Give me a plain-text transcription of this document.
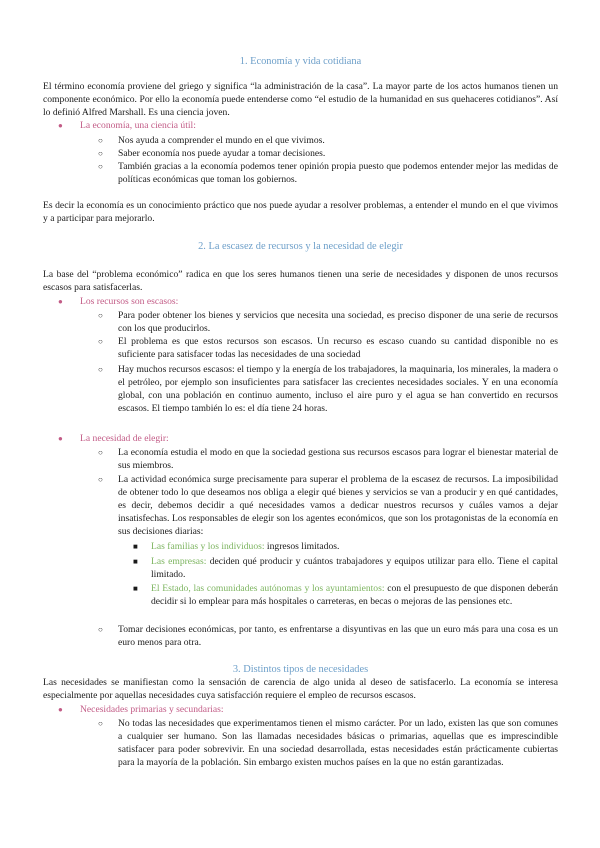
1. Economía y vida cotidiana
El término economía proviene del griego y significa “la administración de la casa”. La mayor parte de los actos humanos tienen un componente económico. Por ello la economía puede entenderse como “el estudio de la humanidad en sus quehaceres cotidianos”. Así lo definió Alfred Marshall. Es una ciencia joven.
● La economía, una ciencia útil:
○ Nos ayuda a comprender el mundo en el que vivimos.
○ Saber economía nos puede ayudar a tomar decisiones.
○ También gracias a la economía podemos tener opinión propia puesto que podemos entender mejor las medidas de políticas económicas que toman los gobiernos.
Es decir la economía es un conocimiento práctico que nos puede ayudar a resolver problemas, a entender el mundo en el que vivimos y a participar para mejorarlo.
2. La escasez de recursos y la necesidad de elegir
La base del “problema económico” radica en que los seres humanos tienen una serie de necesidades y disponen de unos recursos escasos para satisfacerlas.
● Los recursos son escasos:
○ Para poder obtener los bienes y servicios que necesita una sociedad, es preciso disponer de una serie de recursos con los que producirlos.
○ El problema es que estos recursos son escasos. Un recurso es escaso cuando su cantidad disponible no es suficiente para satisfacer todas las necesidades de una sociedad
○ Hay muchos recursos escasos: el tiempo y la energía de los trabajadores, la maquinaria, los minerales, la madera o el petróleo, por ejemplo son insuficientes para satisfacer las crecientes necesidades sociales. Y en una economía global, con una población en continuo aumento, incluso el aire puro y el agua se han convertido en recursos escasos. El tiempo también lo es: el día tiene 24 horas.
● La necesidad de elegir:
○ La economía estudia el modo en que la sociedad gestiona sus recursos escasos para lograr el bienestar material de sus miembros.
○ La actividad económica surge precisamente para superar el problema de la escasez de recursos. La imposibilidad de obtener todo lo que deseamos nos obliga a elegir qué bienes y servicios se van a producir y en qué cantidades, es decir, debemos decidir a qué necesidades vamos a dedicar nuestros recursos y cuáles vamos a dejar insatisfechas. Los responsables de elegir son los agentes económicos, que son los protagonistas de la economía en sus decisiones diarias:
■ Las familias y los individuos: ingresos limitados.
■ Las empresas: deciden qué producir y cuántos trabajadores y equipos utilizar para ello. Tiene el capital limitado.
■ El Estado, las comunidades autónomas y los ayuntamientos: con el presupuesto de que disponen deberán decidir si lo emplear para más hospitales o carreteras, en becas o mejoras de las pensiones etc.
○ Tomar decisiones económicas, por tanto, es enfrentarse a disyuntivas en las que un euro más para una cosa es un euro menos para otra.
3. Distintos tipos de necesidades
Las necesidades se manifiestan como la sensación de carencia de algo unida al deseo de satisfacerlo. La economía se interesa especialmente por aquellas necesidades cuya satisfacción requiere el empleo de recursos escasos.
● Necesidades primarias y secundarias:
○ No todas las necesidades que experimentamos tienen el mismo carácter. Por un lado, existen las que son comunes a cualquier ser humano. Son las llamadas necesidades básicas o primarias, aquellas que es imprescindible satisfacer para poder sobrevivir. En una sociedad desarrollada, estas necesidades están prácticamente cubiertas para la mayoría de la población. Sin embargo existen muchos países en la que no están garantizadas.
